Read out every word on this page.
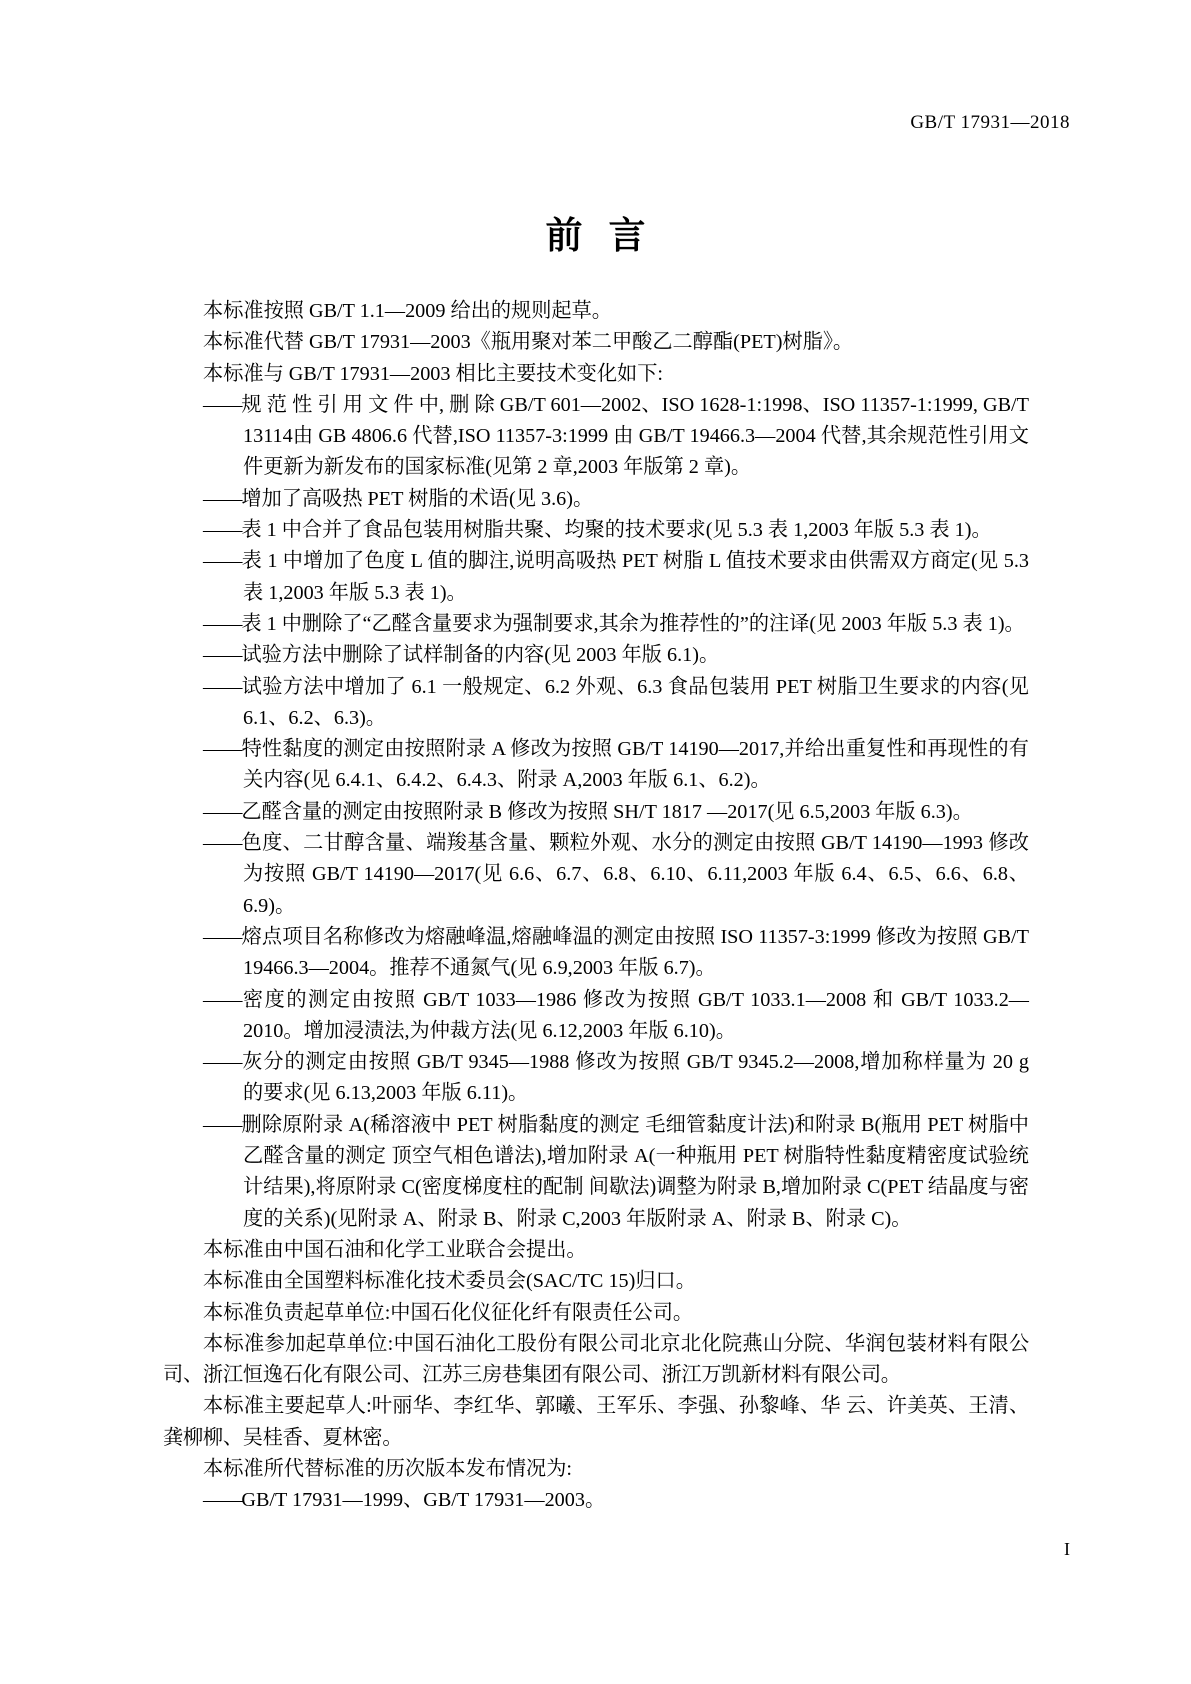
GB/T 17931—2018
前言

本标准按照 GB/T 1.1—2009 给出的规则起草。

本标准代替 GB/T 17931—2003《瓶用聚对苯二甲酸乙二醇酯(PET)树脂》。

本标准与 GB/T 17931—2003 相比主要技术变化如下:

——规 范 性 引 用 文 件 中, 删 除 GB/T 601—2002、ISO 1628-1:1998、ISO 11357-1:1999, GB/T 13114由 GB 4806.6 代替,ISO 11357-3:1999 由 GB/T 19466.3—2004 代替,其余规范性引用文件更新为新发布的国家标准(见第 2 章,2003 年版第 2 章)。

——增加了高吸热 PET 树脂的术语(见 3.6)。

——表 1 中合并了食品包装用树脂共聚、均聚的技术要求(见 5.3 表 1,2003 年版 5.3 表 1)。

——表 1 中增加了色度 L 值的脚注,说明高吸热 PET 树脂 L 值技术要求由供需双方商定(见 5.3 表 1,2003 年版 5.3 表 1)。

——表 1 中删除了“乙醛含量要求为强制要求,其余为推荐性的”的注译(见 2003 年版 5.3 表 1)。

——试验方法中删除了试样制备的内容(见 2003 年版 6.1)。

——试验方法中增加了 6.1 一般规定、6.2 外观、6.3 食品包装用 PET 树脂卫生要求的内容(见 6.1、6.2、6.3)。

——特性黏度的测定由按照附录 A 修改为按照 GB/T 14190—2017,并给出重复性和再现性的有关内容(见 6.4.1、6.4.2、6.4.3、附录 A,2003 年版 6.1、6.2)。

——乙醛含量的测定由按照附录 B 修改为按照 SH/T 1817 —2017(见 6.5,2003 年版 6.3)。

——色度、二甘醇含量、端羧基含量、颗粒外观、水分的测定由按照 GB/T 14190—1993 修改为按照 GB/T 14190—2017(见 6.6、6.7、6.8、6.10、6.11,2003 年版 6.4、6.5、6.6、6.8、6.9)。

——熔点项目名称修改为熔融峰温,熔融峰温的测定由按照 ISO 11357-3:1999 修改为按照 GB/T 19466.3—2004。推荐不通氮气(见 6.9,2003 年版 6.7)。

——密度的测定由按照 GB/T 1033—1986 修改为按照 GB/T 1033.1—2008 和 GB/T 1033.2—2010。增加浸渍法,为仲裁方法(见 6.12,2003 年版 6.10)。

——灰分的测定由按照 GB/T 9345—1988 修改为按照 GB/T 9345.2—2008,增加称样量为 20 g 的要求(见 6.13,2003 年版 6.11)。

——删除原附录 A(稀溶液中 PET 树脂黏度的测定 毛细管黏度计法)和附录 B(瓶用 PET 树脂中乙醛含量的测定 顶空气相色谱法),增加附录 A(一种瓶用 PET 树脂特性黏度精密度试验统计结果),将原附录 C(密度梯度柱的配制 间歇法)调整为附录 B,增加附录 C(PET 结晶度与密度的关系)(见附录 A、附录 B、附录 C,2003 年版附录 A、附录 B、附录 C)。

本标准由中国石油和化学工业联合会提出。

本标准由全国塑料标准化技术委员会(SAC/TC 15)归口。

本标准负责起草单位:中国石化仪征化纤有限责任公司。

本标准参加起草单位:中国石油化工股份有限公司北京北化院燕山分院、华润包装材料有限公司、浙江恒逸石化有限公司、江苏三房巷集团有限公司、浙江万凯新材料有限公司。

本标准主要起草人:叶丽华、李红华、郭曦、王军乐、李强、孙黎峰、华 云、许美英、王清、龚柳柳、吴桂香、夏林密。

本标准所代替标准的历次版本发布情况为:

——GB/T 17931—1999、GB/T 17931—2003。

I
